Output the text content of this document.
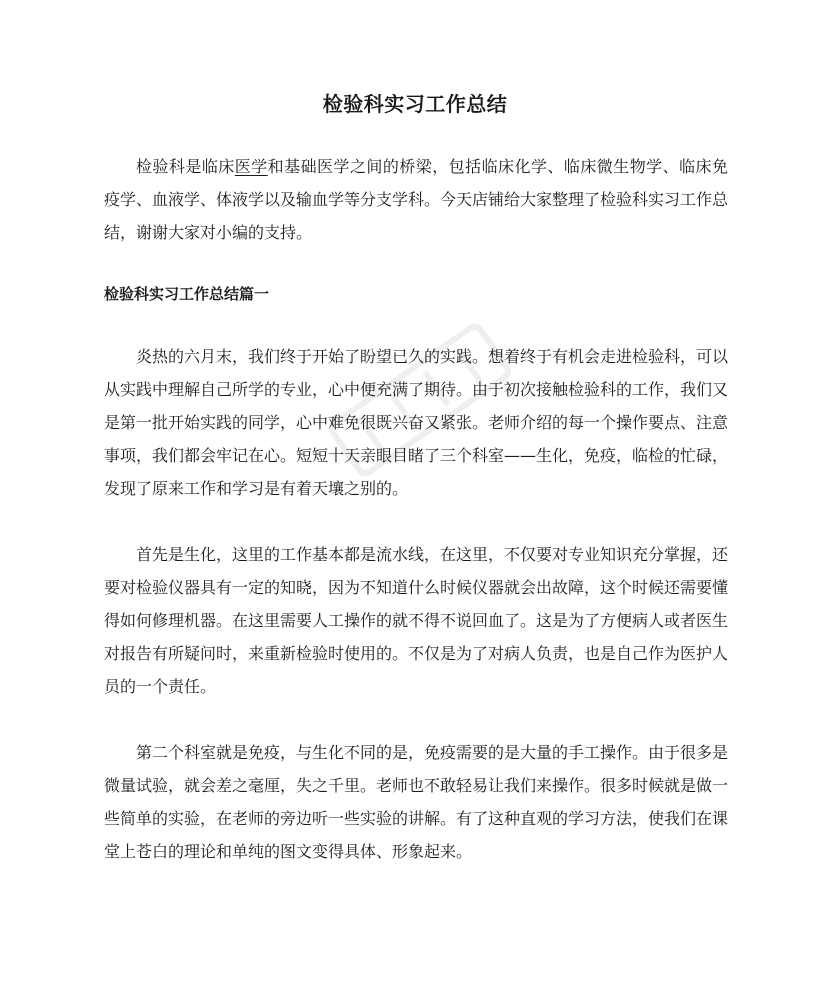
检验科实习工作总结

检验科是临床医学和基础医学之间的桥梁，包括临床化学、临床微生物学、临床免疫学、血液学、体液学以及输血学等分支学科。今天店铺给大家整理了检验科实习工作总结，谢谢大家对小编的支持。

检验科实习工作总结篇一

炎热的六月末，我们终于开始了盼望已久的实践。想着终于有机会走进检验科，可以从实践中理解自己所学的专业，心中便充满了期待。由于初次接触检验科的工作，我们又是第一批开始实践的同学，心中难免很既兴奋又紧张。老师介绍的每一个操作要点、注意事项，我们都会牢记在心。短短十天亲眼目睹了三个科室——生化，免疫，临检的忙碌，发现了原来工作和学习是有着天壤之别的。

首先是生化，这里的工作基本都是流水线，在这里，不仅要对专业知识充分掌握，还要对检验仪器具有一定的知晓，因为不知道什么时候仪器就会出故障，这个时候还需要懂得如何修理机器。在这里需要人工操作的就不得不说回血了。这是为了方便病人或者医生对报告有所疑问时，来重新检验时使用的。不仅是为了对病人负责，也是自己作为医护人员的一个责任。

第二个科室就是免疫，与生化不同的是，免疫需要的是大量的手工操作。由于很多是微量试验，就会差之毫厘，失之千里。老师也不敢轻易让我们来操作。很多时候就是做一些简单的实验，在老师的旁边听一些实验的讲解。有了这种直观的学习方法，使我们在课堂上苍白的理论和单纯的图文变得具体、形象起来。
